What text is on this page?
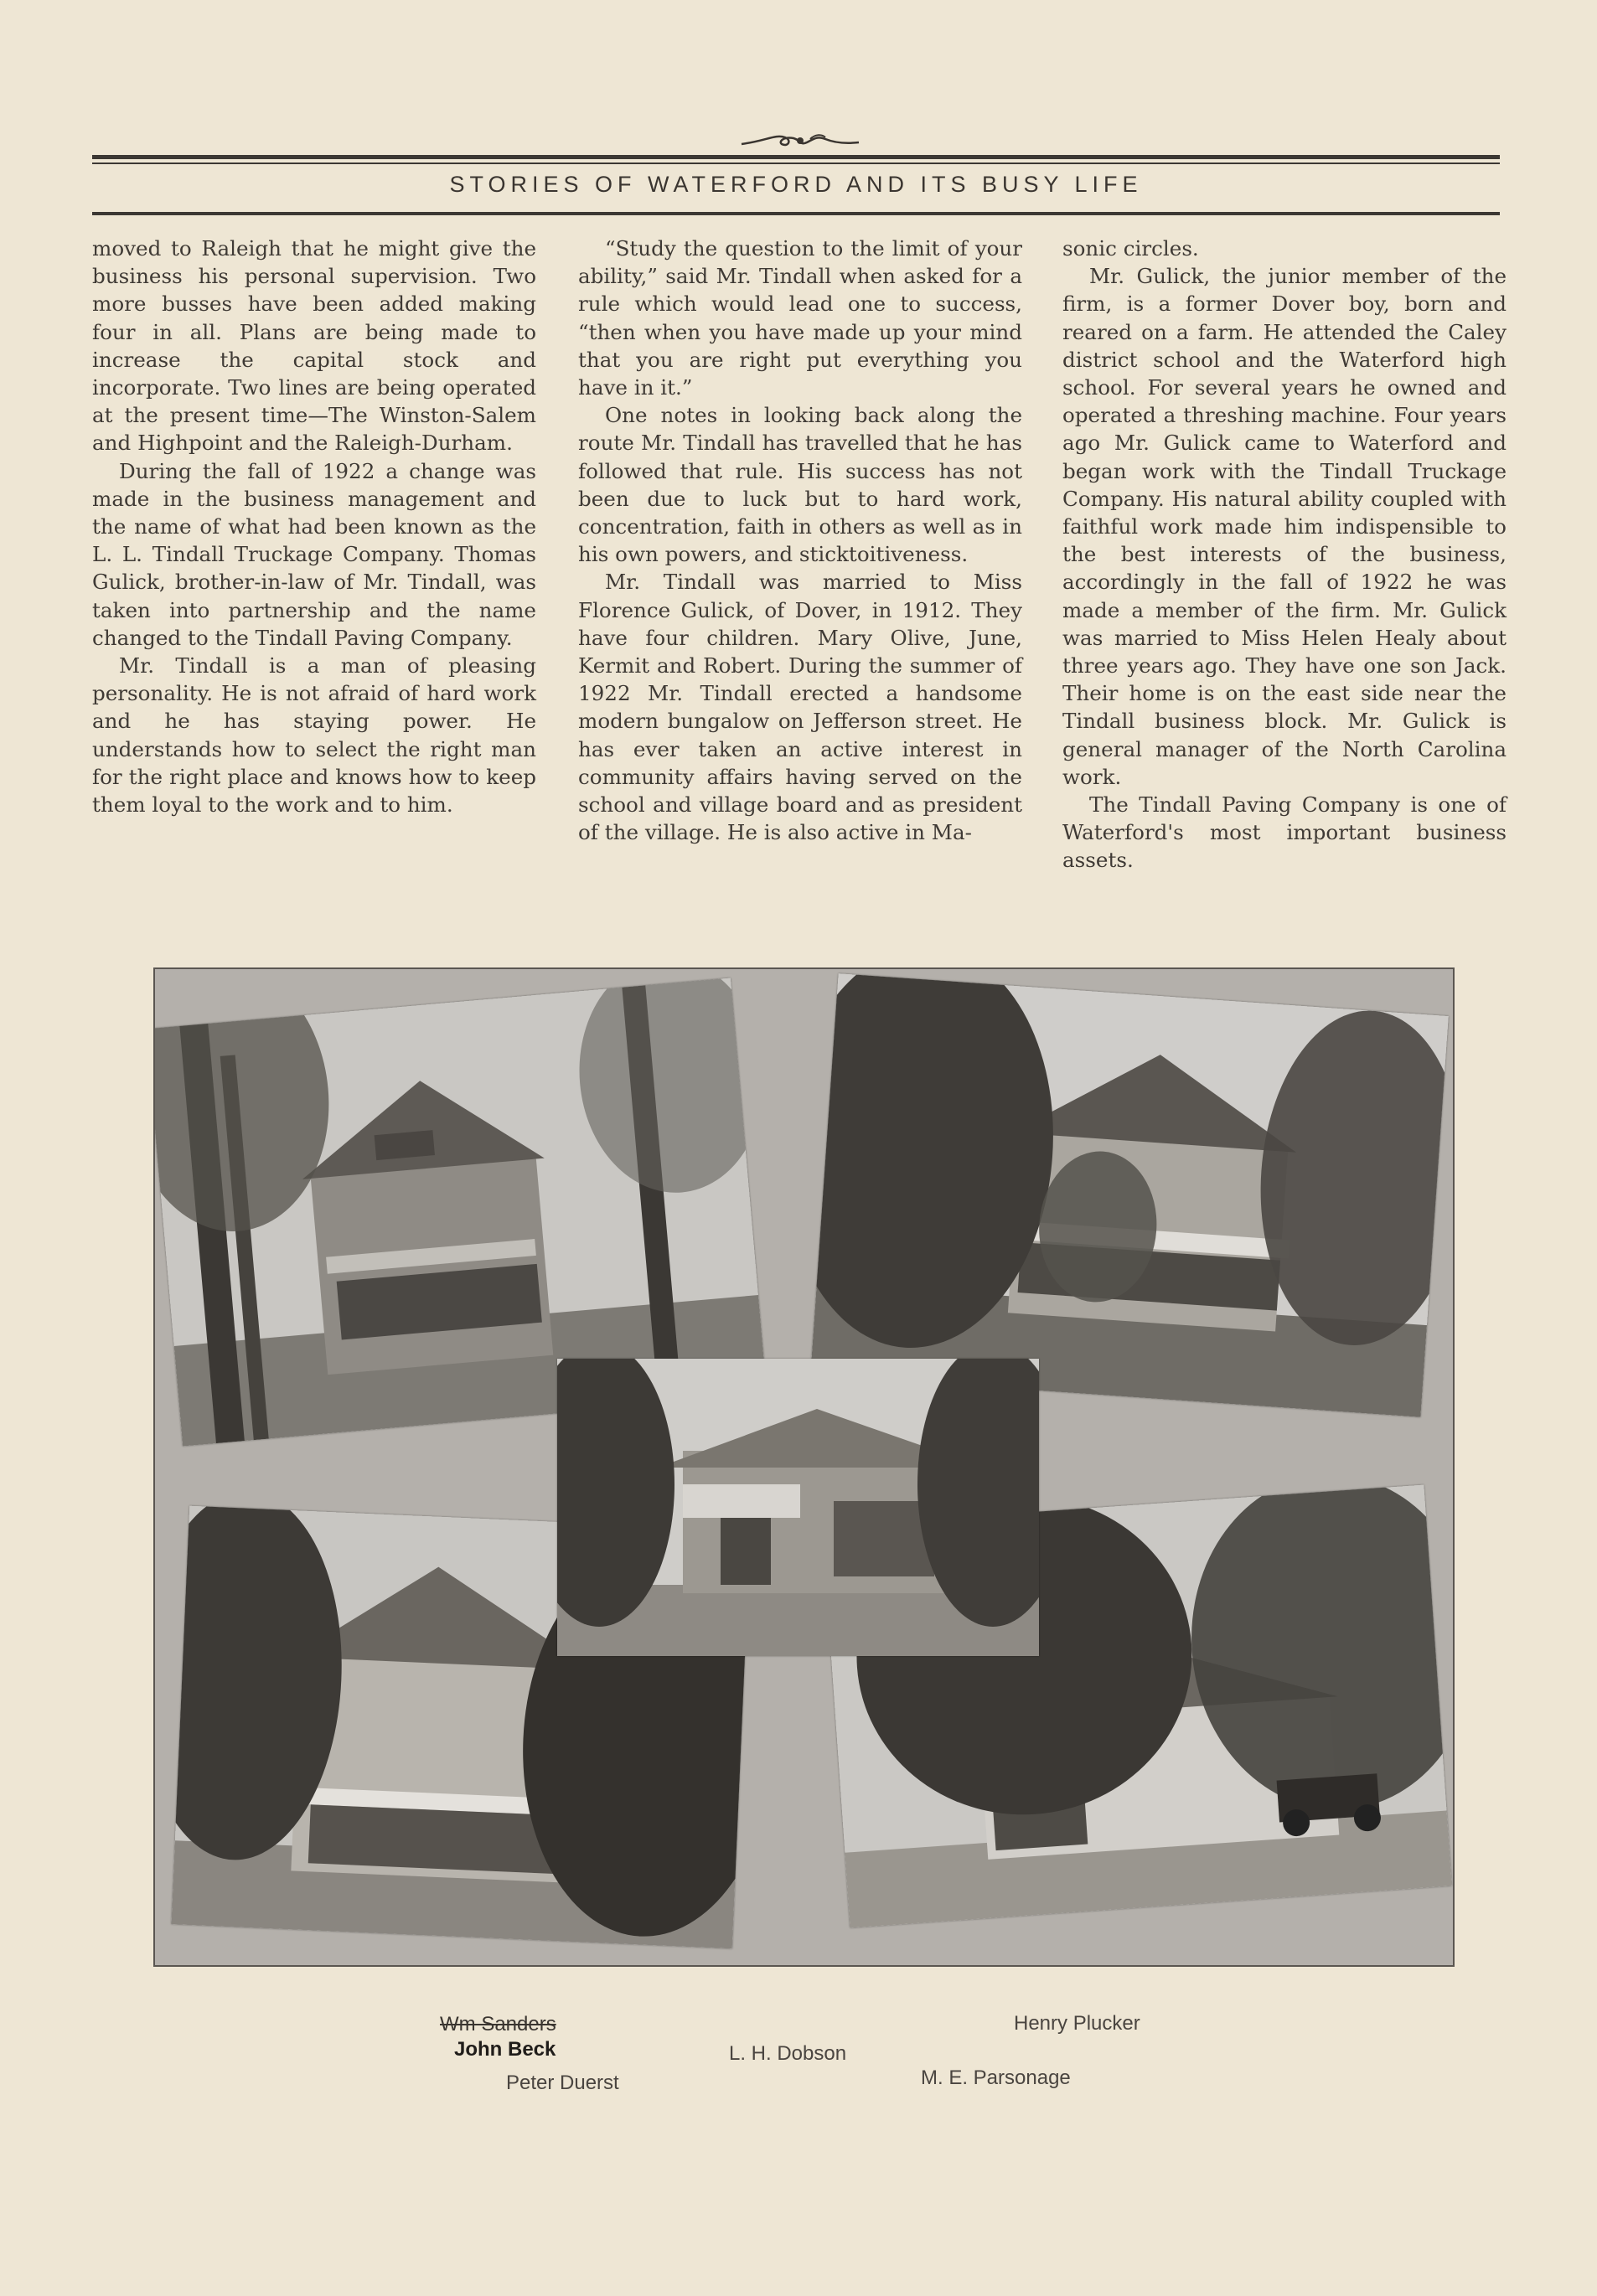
STORIES OF WATERFORD AND ITS BUSY LIFE

moved to Raleigh that he might give the business his personal supervision. Two more busses have been added making four in all. Plans are being made to increase the capital stock and incorporate. Two lines are being operated at the present time—The Winston-Salem and Highpoint and the Raleigh-Durham.

During the fall of 1922 a change was made in the business management and the name of what had been known as the L. L. Tindall Truckage Company. Thomas Gulick, brother-in-law of Mr. Tindall, was taken into partnership and the name changed to the Tindall Paving Company.

Mr. Tindall is a man of pleasing personality. He is not afraid of hard work and he has staying power. He understands how to select the right man for the right place and knows how to keep them loyal to the work and to him.

“Study the question to the limit of your ability,” said Mr. Tindall when asked for a rule which would lead one to success, “then when you have made up your mind that you are right put everything you have in it.”

One notes in looking back along the route Mr. Tindall has travelled that he has followed that rule. His success has not been due to luck but to hard work, concentration, faith in others as well as in his own powers, and sticktoitiveness.

Mr. Tindall was married to Miss Florence Gulick, of Dover, in 1912. They have four children. Mary Olive, June, Kermit and Robert. During the summer of 1922 Mr. Tindall erected a handsome modern bungalow on Jefferson street. He has ever taken an active interest in community affairs having served on the school and village board and as president of the village. He is also active in Ma-

sonic circles.

Mr. Gulick, the junior member of the firm, is a former Dover boy, born and reared on a farm. He attended the Caley district school and the Waterford high school. For several years he owned and operated a threshing machine. Four years ago Mr. Gulick came to Waterford and began work with the Tindall Truckage Company. His natural ability coupled with faithful work made him indispensible to the best interests of the business, accordingly in the fall of 1922 he was made a member of the firm. Mr. Gulick was married to Miss Helen Healy about three years ago. They have one son Jack. Their home is on the east side near the Tindall business block. Mr. Gulick is general manager of the North Carolina work.

The Tindall Paving Company is one of Waterford's most important business assets.

Wm Sanders
John Beck
Peter Duerst
L. H. Dobson
Henry Plucker
M. E. Parsonage
